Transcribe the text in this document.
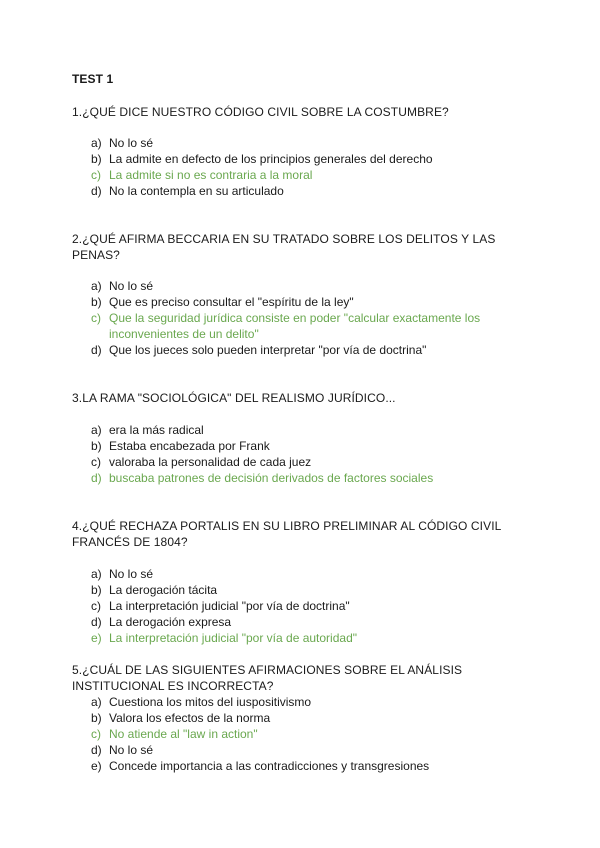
TEST 1
1.¿QUÉ DICE NUESTRO CÓDIGO CIVIL SOBRE LA COSTUMBRE?
a) No lo sé
b) La admite en defecto de los principios generales del derecho
c) La admite si no es contraria a la moral
d) No la contempla en su articulado
2.¿QUÉ AFIRMA BECCARIA EN SU TRATADO SOBRE LOS DELITOS Y LAS PENAS?
a) No lo sé
b) Que es preciso consultar el "espíritu de la ley"
c) Que la seguridad jurídica consiste en poder "calcular exactamente los inconvenientes de un delito"
d) Que los jueces solo pueden interpretar "por vía de doctrina"
3.LA RAMA "SOCIOLÓGICA" DEL REALISMO JURÍDICO...
a) era la más radical
b) Estaba encabezada por Frank
c) valoraba la personalidad de cada juez
d) buscaba patrones de decisión derivados de factores sociales
4.¿QUÉ RECHAZA PORTALIS EN SU LIBRO PRELIMINAR AL CÓDIGO CIVIL FRANCÉS DE 1804?
a) No lo sé
b) La derogación tácita
c) La interpretación judicial "por vía de doctrina"
d) La derogación expresa
e) La interpretación judicial "por vía de autoridad"
5.¿CUÁL DE LAS SIGUIENTES AFIRMACIONES SOBRE EL ANÁLISIS INSTITUCIONAL ES INCORRECTA?
a) Cuestiona los mitos del iuspositivismo
b) Valora los efectos de la norma
c) No atiende al "law in action"
d) No lo sé
e) Concede importancia a las contradicciones y transgresiones
